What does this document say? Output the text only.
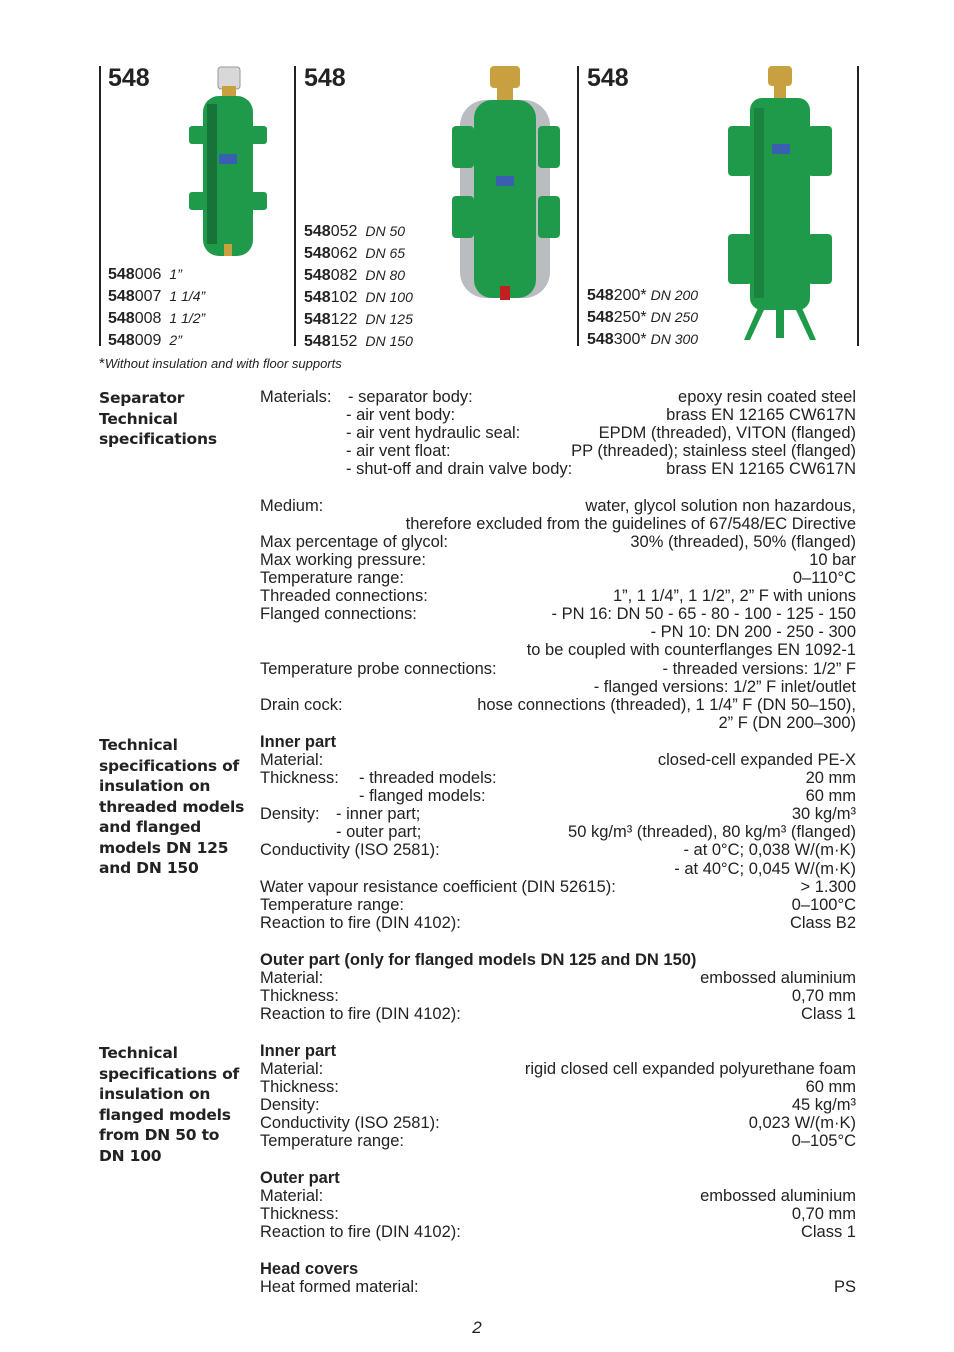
548	548	548
548006 1”
548007 1 1/4”
548008 1 1/2”
548009 2”
548052 DN 50
548062 DN 65
548082 DN 80
548102 DN 100
548122 DN 125
548152 DN 150
548200* DN 200
548250* DN 250
548300* DN 300
*Without insulation and with floor supports
Separator Technical specifications
Technical specifications of insulation on threaded models and flanged models DN 125 and DN 150
Technical specifications of insulation on flanged models from DN 50 to DN 100
Materials: - separator body:	epoxy resin coated steel
- air vent body:	brass EN 12165 CW617N
- air vent hydraulic seal:	EPDM (threaded), VITON (flanged)
- air vent float:	PP (threaded); stainless steel (flanged)
- shut-off and drain valve body:	brass EN 12165 CW617N
Medium:	water, glycol solution non hazardous,
therefore excluded from the guidelines of 67/548/EC Directive
Max percentage of glycol:	30% (threaded), 50% (flanged)
Max working pressure:	10 bar
Temperature range:	0–110°C
Threaded connections:	1”, 1 1/4”, 1 1/2”, 2” F with unions
Flanged connections:	- PN 16: DN 50 - 65 - 80 - 100 - 125 - 150
- PN 10: DN 200 - 250 - 300
to be coupled with counterflanges EN 1092-1
Temperature probe connections:	- threaded versions: 1/2” F
- flanged versions: 1/2” F inlet/outlet
Drain cock:	hose connections (threaded), 1 1/4” F (DN 50–150),
2” F (DN 200–300)
Inner part
Material:	closed-cell expanded PE-X
Thickness: - threaded models:	20 mm
- flanged models:	60 mm
Density: - inner part;	30 kg/m³
- outer part;	50 kg/m³ (threaded), 80 kg/m³ (flanged)
Conductivity (ISO 2581):	- at 0°C; 0,038 W/(m·K)
- at 40°C; 0,045 W/(m·K)
Water vapour resistance coefficient (DIN 52615):	> 1.300
Temperature range:	0–100°C
Reaction to fire (DIN 4102):	Class B2
Outer part (only for flanged models DN 125 and DN 150)
Material:	embossed aluminium
Thickness:	0,70 mm
Reaction to fire (DIN 4102):	Class 1
Inner part
Material:	rigid closed cell expanded polyurethane foam
Thickness:	60 mm
Density:	45 kg/m³
Conductivity (ISO 2581):	0,023 W/(m·K)
Temperature range:	0–105°C
Outer part
Material:	embossed aluminium
Thickness:	0,70 mm
Reaction to fire (DIN 4102):	Class 1
Head covers
Heat formed material:	PS
2
